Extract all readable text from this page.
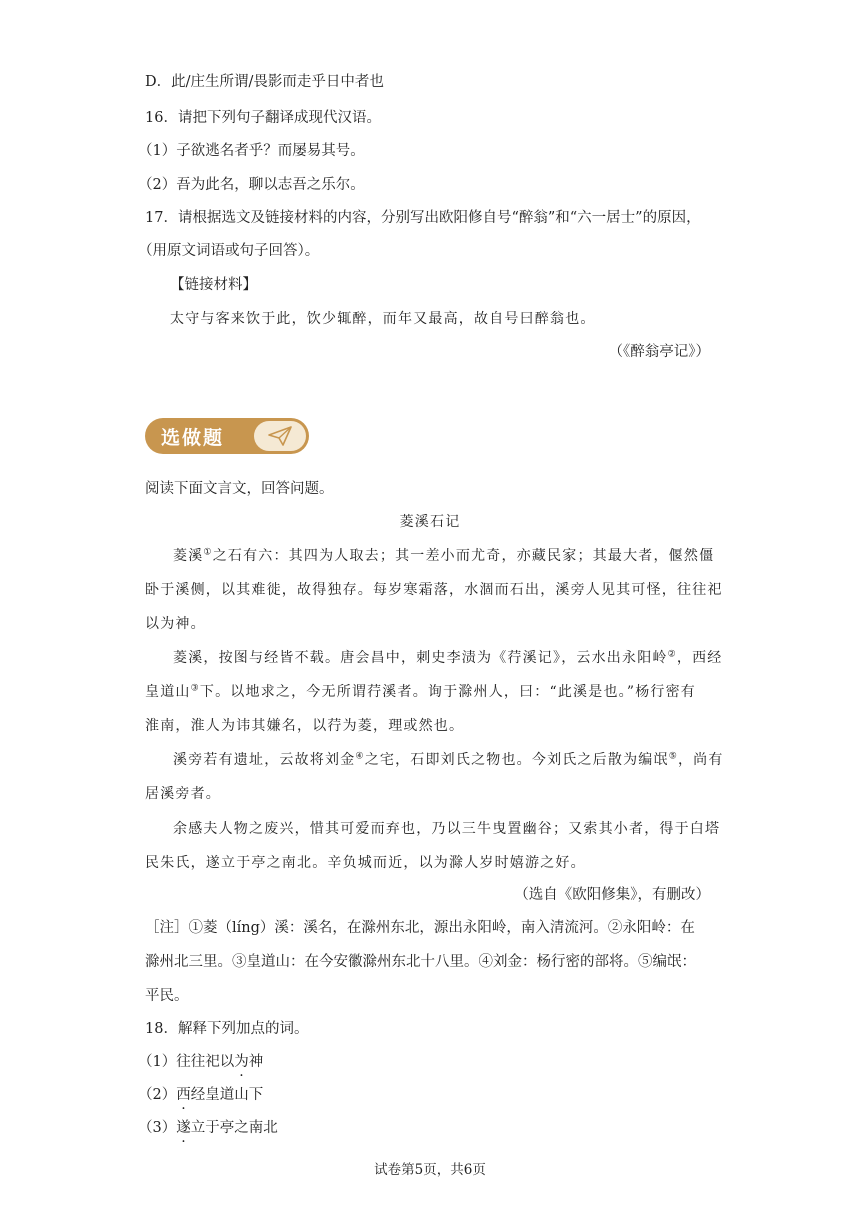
D．此/庄生所谓/畏影而走乎日中者也
16．请把下列句子翻译成现代汉语。
（1）子欲逃名者乎？而屡易其号。
（2）吾为此名，聊以志吾之乐尔。
17．请根据选文及链接材料的内容，分别写出欧阳修自号“醉翁”和“六一居士”的原因，
（用原文词语或句子回答）。
【链接材料】
太守与客来饮于此，饮少辄醉，而年又最高，故自号曰醉翁也。
（《醉翁亭记》）
选做题
阅读下面文言文，回答问题。
菱溪石记
菱溪①之石有六：其四为人取去；其一差小而尤奇，亦藏民家；其最大者，偃然僵
卧于溪侧，以其难徙，故得独存。每岁寒霜落，水涸而石出，溪旁人见其可怪，往往祀
以为神。
菱溪，按图与经皆不载。唐会昌中，刺史李渍为《荇溪记》，云水出永阳岭②，西经
皇道山③下。以地求之，今无所谓荇溪者。询于滁州人，曰：“此溪是也。”杨行密有
淮南，淮人为讳其嫌名，以荇为菱，理或然也。
溪旁若有遗址，云故将刘金④之宅，石即刘氏之物也。今刘氏之后散为编氓⑤，尚有
居溪旁者。
余感夫人物之废兴，惜其可爱而弃也，乃以三牛曳置幽谷；又索其小者，得于白塔
民朱氏，遂立于亭之南北。辛负城而近，以为滁人岁时嬉游之好。
（选自《欧阳修集》，有删改）
［注］①菱（líng）溪：溪名，在滁州东北，源出永阳岭，南入清流河。②永阳岭：在
滁州北三里。③皇道山：在今安徽滁州东北十八里。④刘金：杨行密的部将。⑤编氓：
平民。
18．解释下列加点的词。
（1）往往祀以为神
（2）西经皇道山下
（3）遂立于亭之南北
试卷第5页，共6页
